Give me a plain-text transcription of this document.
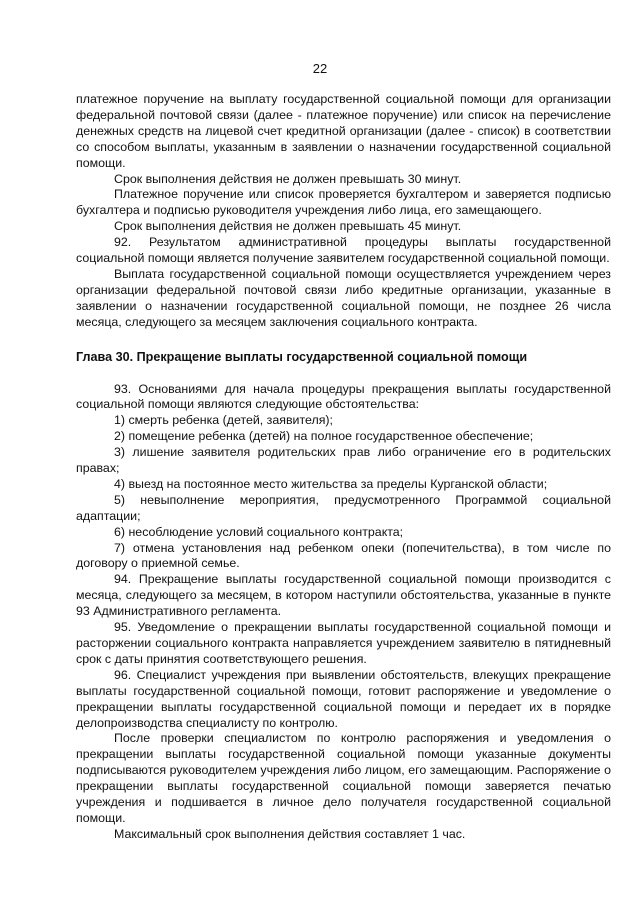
22

платежное поручение на выплату государственной социальной помощи для организации федеральной почтовой связи (далее - платежное поручение) или список на перечисление денежных средств на лицевой счет кредитной организации (далее - список) в соответствии со способом выплаты, указанным в заявлении о назначении государственной социальной помощи.

Срок выполнения действия не должен превышать 30 минут.

Платежное поручение или список проверяется бухгалтером и заверяется подписью бухгалтера и подписью руководителя учреждения либо лица, его замещающего.

Срок выполнения действия не должен превышать 45 минут.

92. Результатом административной процедуры выплаты государственной социальной помощи является получение заявителем государственной социальной помощи.

Выплата государственной социальной помощи осуществляется учреждением через организации федеральной почтовой связи либо кредитные организации, указанные в заявлении о назначении государственной социальной помощи, не позднее 26 числа месяца, следующего за месяцем заключения социального контракта.

Глава 30. Прекращение выплаты государственной социальной помощи

93. Основаниями для начала процедуры прекращения выплаты государственной социальной помощи являются следующие обстоятельства:

1) смерть ребенка (детей, заявителя);

2) помещение ребенка (детей) на полное государственное обеспечение;

3) лишение заявителя родительских прав либо ограничение его в родительских правах;

4) выезд на постоянное место жительства за пределы Курганской области;

5) невыполнение мероприятия, предусмотренного Программой социальной адаптации;

6) несоблюдение условий социального контракта;

7) отмена установления над ребенком опеки (попечительства), в том числе по договору о приемной семье.

94. Прекращение выплаты государственной социальной помощи производится с месяца, следующего за месяцем, в котором наступили обстоятельства, указанные в пункте 93 Административного регламента.

95. Уведомление о прекращении выплаты государственной социальной помощи и расторжении социального контракта направляется учреждением заявителю в пятидневный срок с даты принятия соответствующего решения.

96. Специалист учреждения при выявлении обстоятельств, влекущих прекращение выплаты государственной социальной помощи, готовит распоряжение и уведомление о прекращении выплаты государственной социальной помощи и передает их в порядке делопроизводства специалисту по контролю.

После проверки специалистом по контролю распоряжения и уведомления о прекращении выплаты государственной социальной помощи указанные документы подписываются руководителем учреждения либо лицом, его замещающим. Распоряжение о прекращении выплаты государственной социальной помощи заверяется печатью учреждения и подшивается в личное дело получателя государственной социальной помощи.

Максимальный срок выполнения действия составляет 1 час.
